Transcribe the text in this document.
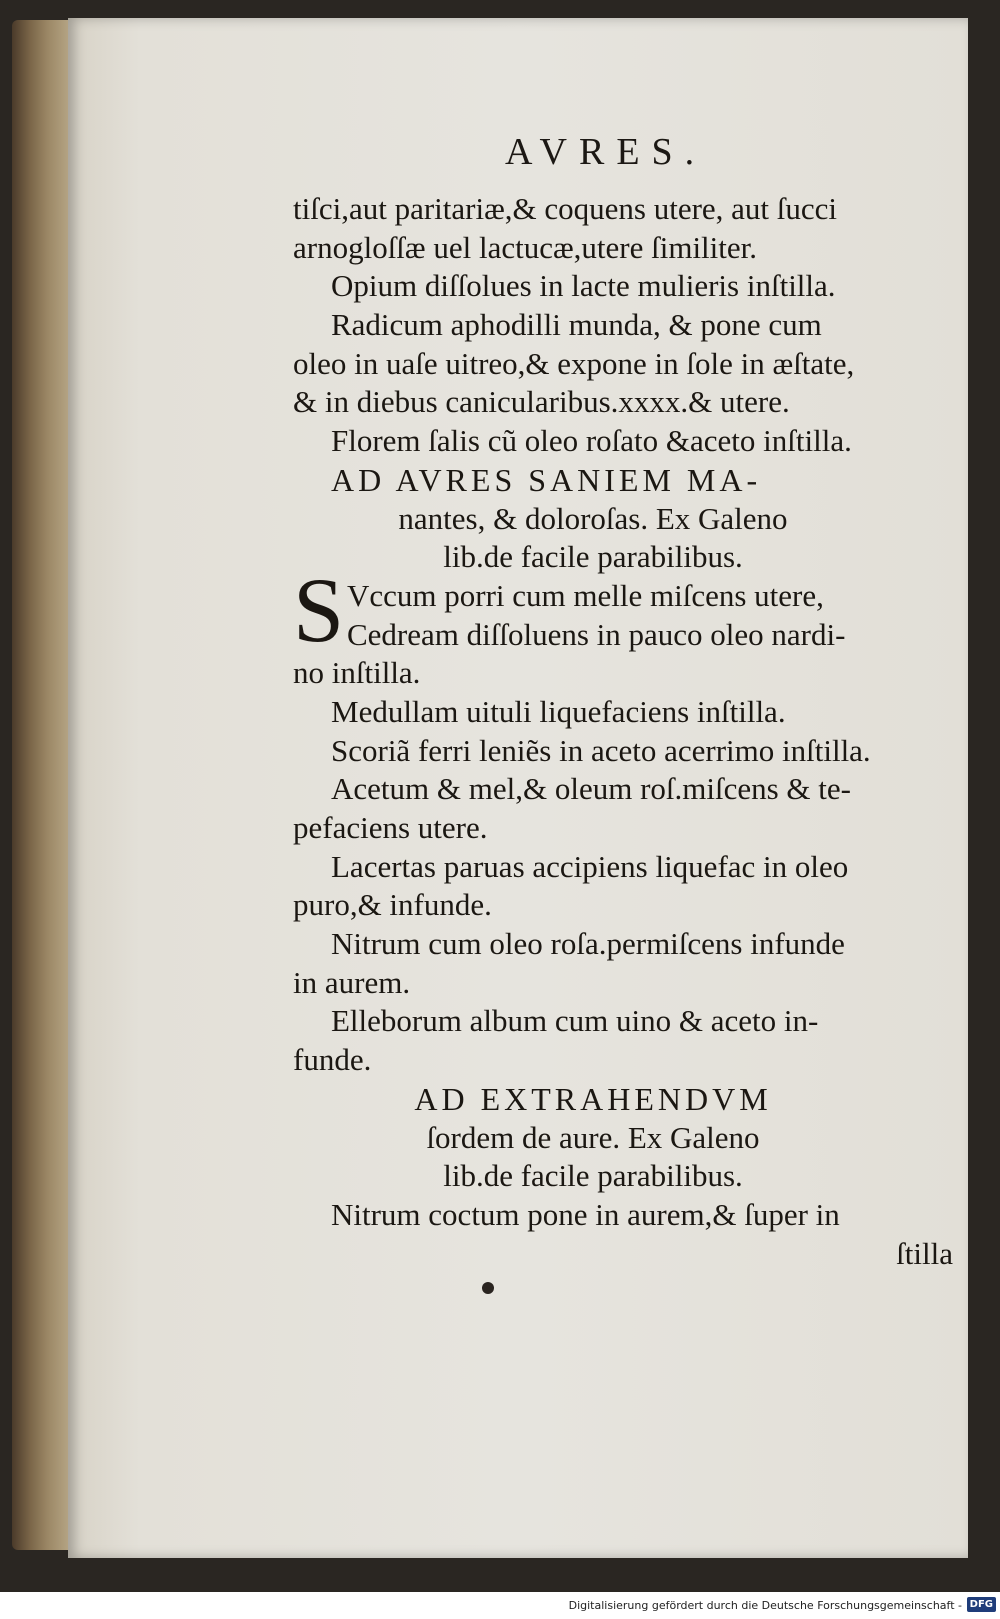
AVRES.
S
tiſci,aut paritariæ,& coquens utere, aut ſucci
arnogloſſæ uel lactucæ,utere ſimiliter.
Opium diſſolues in lacte mulieris inſtilla.
Radicum aphodilli munda, & pone cum
oleo in uaſe uitreo,& expone in ſole in æſtate,
& in diebus canicularibus.xxxx.& utere.
Florem ſalis cũ oleo roſato &aceto inſtilla.
AD AVRES SANIEM MA-
nantes, & doloroſas. Ex Galeno
lib.de facile parabilibus.
Vccum porri cum melle miſcens utere,
Cedream diſſoluens in pauco oleo nardi-
no inſtilla.
Medullam uituli liquefaciens inſtilla.
Scoriã ferri leniẽs in aceto acerrimo inſtilla.
Acetum & mel,& oleum roſ.miſcens & te-
pefaciens utere.
Lacertas paruas accipiens liquefac in oleo
puro,& infunde.
Nitrum cum oleo roſa.permiſcens infunde
in aurem.
Elleborum album cum uino & aceto in-
funde.
AD EXTRAHENDVM
ſordem de aure. Ex Galeno
lib.de facile parabilibus.
Nitrum coctum pone in aurem,& ſuper in
ſtilla
Digitalisierung gefördert durch die Deutsche Forschungsgemeinschaft - DFG
